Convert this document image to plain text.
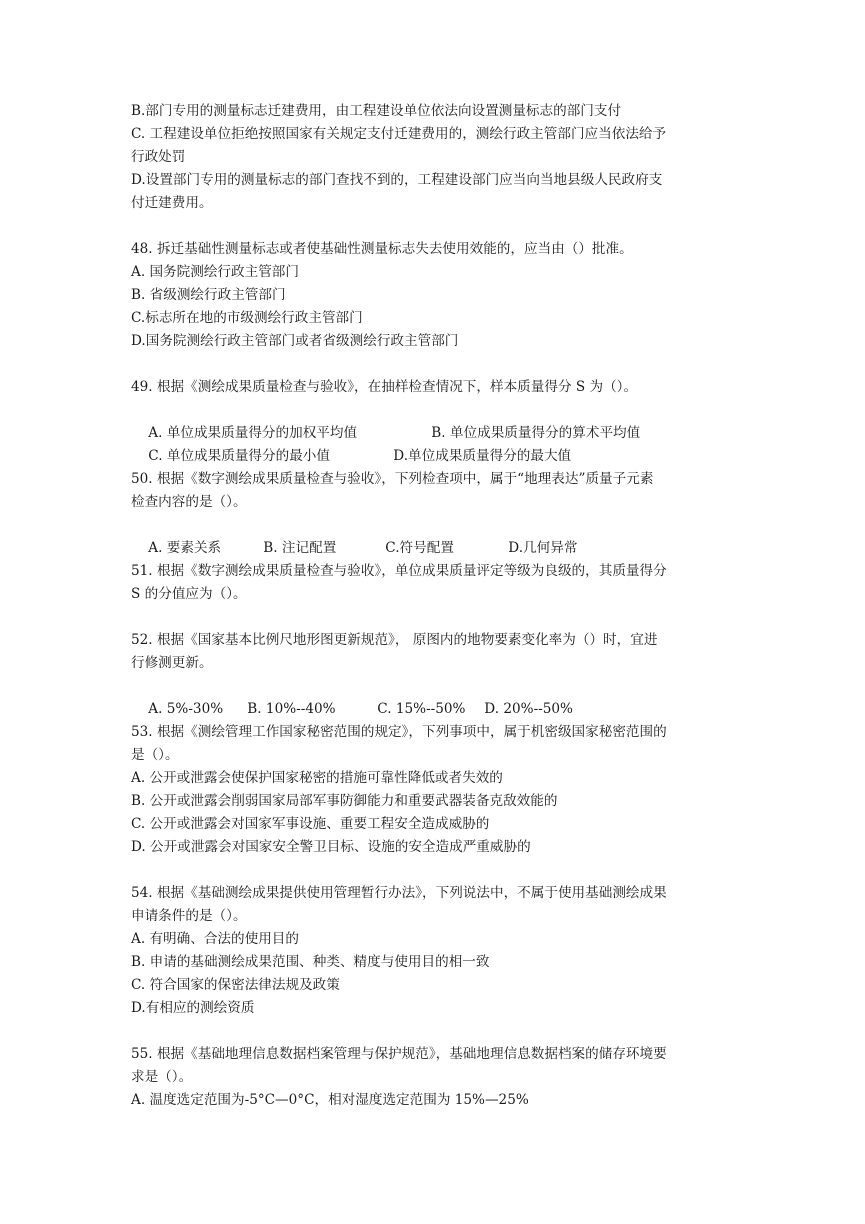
B.部门专用的测量标志迁建费用，由工程建设单位依法向设置测量标志的部门支付
C. 工程建设单位拒绝按照国家有关规定支付迁建费用的，测绘行政主管部门应当依法给予
行政处罚
D.设置部门专用的测量标志的部门查找不到的，工程建设部门应当向当地县级人民政府支
付迁建费用。
48. 拆迁基础性测量标志或者使基础性测量标志失去使用效能的，应当由（）批准。
A. 国务院测绘行政主管部门
B. 省级测绘行政主管部门
C.标志所在地的市级测绘行政主管部门
D.国务院测绘行政主管部门或者省级测绘行政主管部门
49. 根据《测绘成果质量检查与验收》，在抽样检查情况下，样本质量得分 S 为（）。

A. 单位成果质量得分的加权平均值	B. 单位成果质量得分的算术平均值

C. 单位成果质量得分的最小值	D.单位成果质量得分的最大值

50. 根据《数字测绘成果质量检查与验收》，下列检查项中，属于“地理表达”质量子元素
检查内容的是（）。

A. 要素关系	B. 注记配置	C.符号配置	D.几何异常

51. 根据《数字测绘成果质量检查与验收》，单位成果质量评定等级为良级的，其质量得分
S 的分值应为（）。
52. 根据《国家基本比例尺地形图更新规范》， 原图内的地物要素变化率为（）时，宜进
行修测更新。

A. 5%-30% B. 10%--40%	C. 15%--50% D. 20%--50%

53. 根据《测绘管理工作国家秘密范围的规定》，下列事项中，属于机密级国家秘密范围的
是（）。
A. 公开或泄露会使保护国家秘密的措施可靠性降低或者失效的
B. 公开或泄露会削弱国家局部军事防御能力和重要武器装备克敌效能的
C. 公开或泄露会对国家军事设施、重要工程安全造成威胁的
D. 公开或泄露会对国家安全警卫目标、设施的安全造成严重威胁的
54. 根据《基础测绘成果提供使用管理暂行办法》，下列说法中，不属于使用基础测绘成果
申请条件的是（）。
A. 有明确、合法的使用目的
B. 申请的基础测绘成果范围、种类、精度与使用目的相一致
C. 符合国家的保密法律法规及政策
D.有相应的测绘资质
55. 根据《基础地理信息数据档案管理与保护规范》，基础地理信息数据档案的储存环境要
求是（）。
A. 温度选定范围为-5°C—0°C，相对湿度选定范围为 15%—25%
